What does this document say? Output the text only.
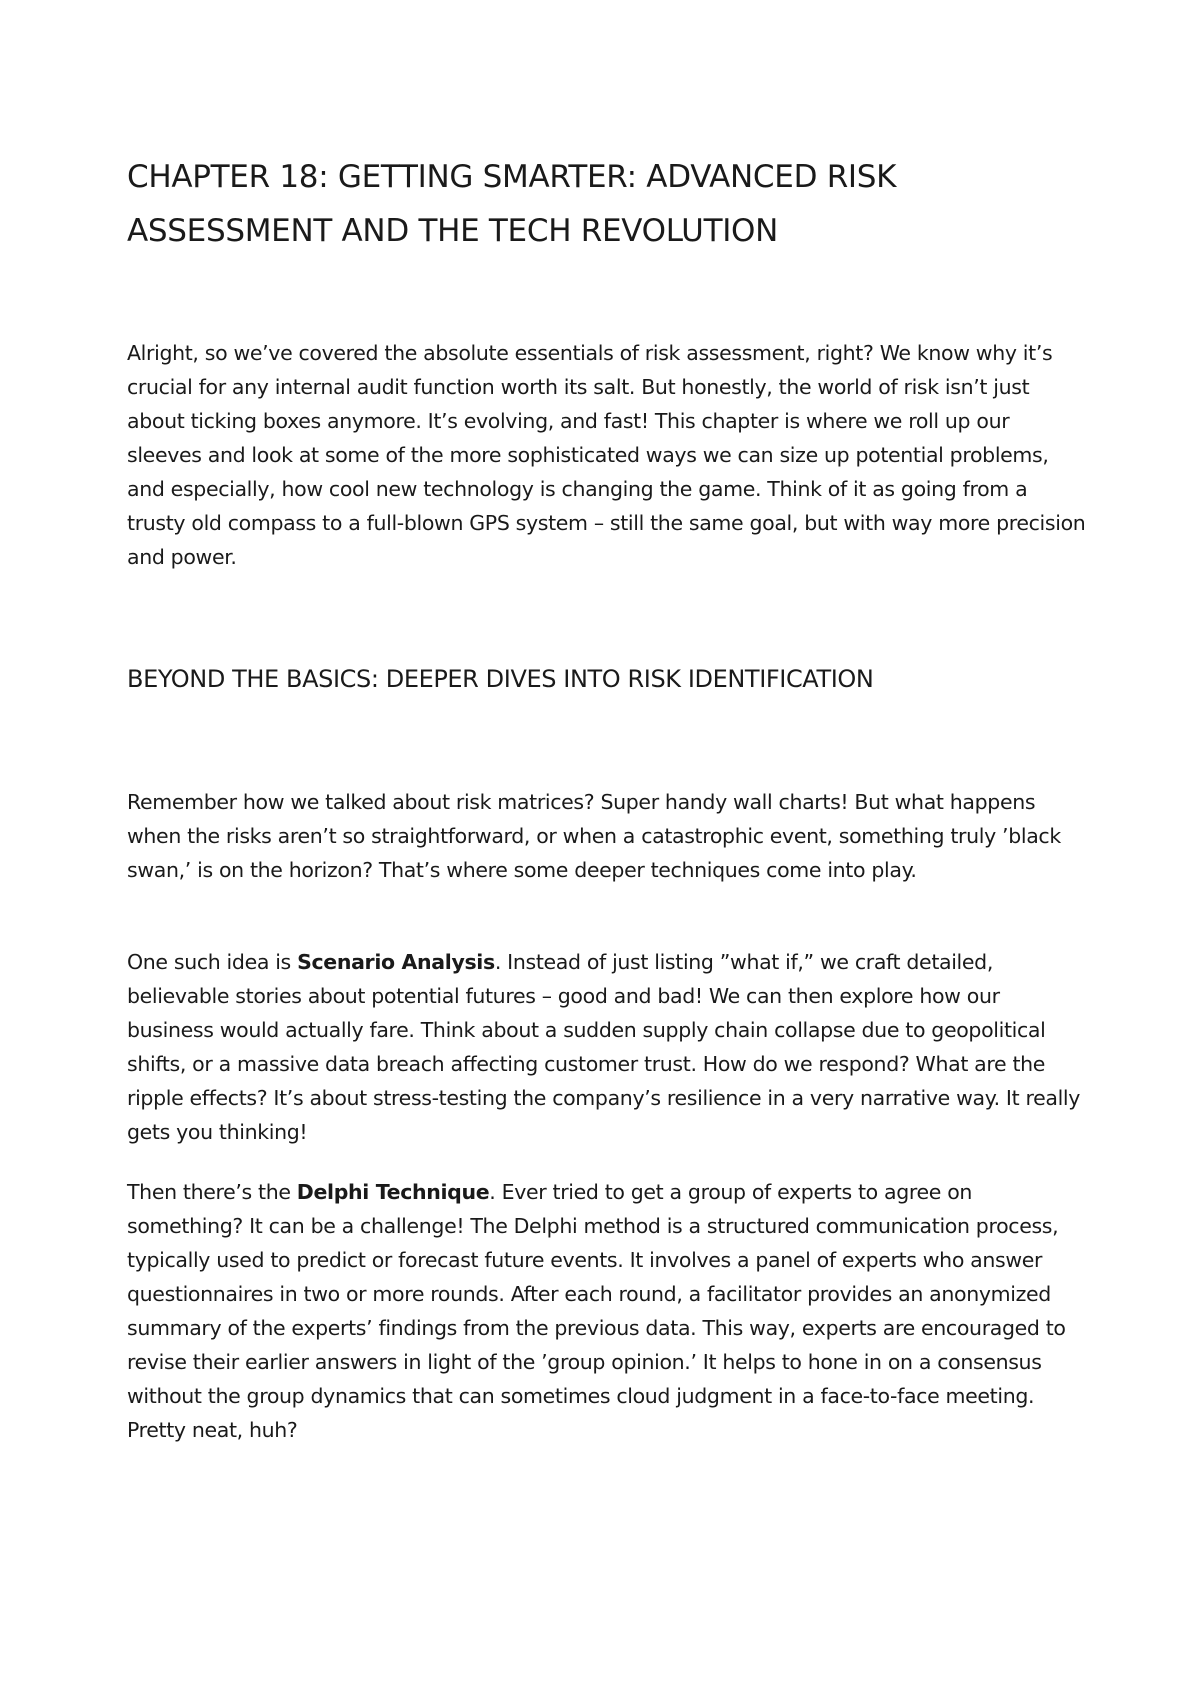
CHAPTER 18: GETTING SMARTER: ADVANCED RISK ASSESSMENT AND THE TECH REVOLUTION

Alright, so we’ve covered the absolute essentials of risk assessment, right? We know why it’s crucial for any internal audit function worth its salt. But honestly, the world of risk isn’t just about ticking boxes anymore. It’s evolving, and fast! This chapter is where we roll up our sleeves and look at some of the more sophisticated ways we can size up potential problems, and especially, how cool new technology is changing the game. Think of it as going from a trusty old compass to a full-blown GPS system – still the same goal, but with way more precision and power.

BEYOND THE BASICS: DEEPER DIVES INTO RISK IDENTIFICATION

Remember how we talked about risk matrices? Super handy wall charts! But what happens when the risks aren’t so straightforward, or when a catastrophic event, something truly ’black swan,’ is on the horizon? That’s where some deeper techniques come into play.

One such idea is Scenario Analysis. Instead of just listing ”what if,” we craft detailed, believable stories about potential futures – good and bad! We can then explore how our business would actually fare. Think about a sudden supply chain collapse due to geopolitical shifts, or a massive data breach affecting customer trust. How do we respond? What are the ripple effects? It’s about stress-testing the company’s resilience in a very narrative way. It really gets you thinking!

Then there’s the Delphi Technique. Ever tried to get a group of experts to agree on something? It can be a challenge! The Delphi method is a structured communication process, typically used to predict or forecast future events. It involves a panel of experts who answer questionnaires in two or more rounds. After each round, a facilitator provides an anonymized summary of the experts’ findings from the previous data. This way, experts are encouraged to revise their earlier answers in light of the ’group opinion.’ It helps to hone in on a consensus without the group dynamics that can sometimes cloud judgment in a face-to-face meeting. Pretty neat, huh?
